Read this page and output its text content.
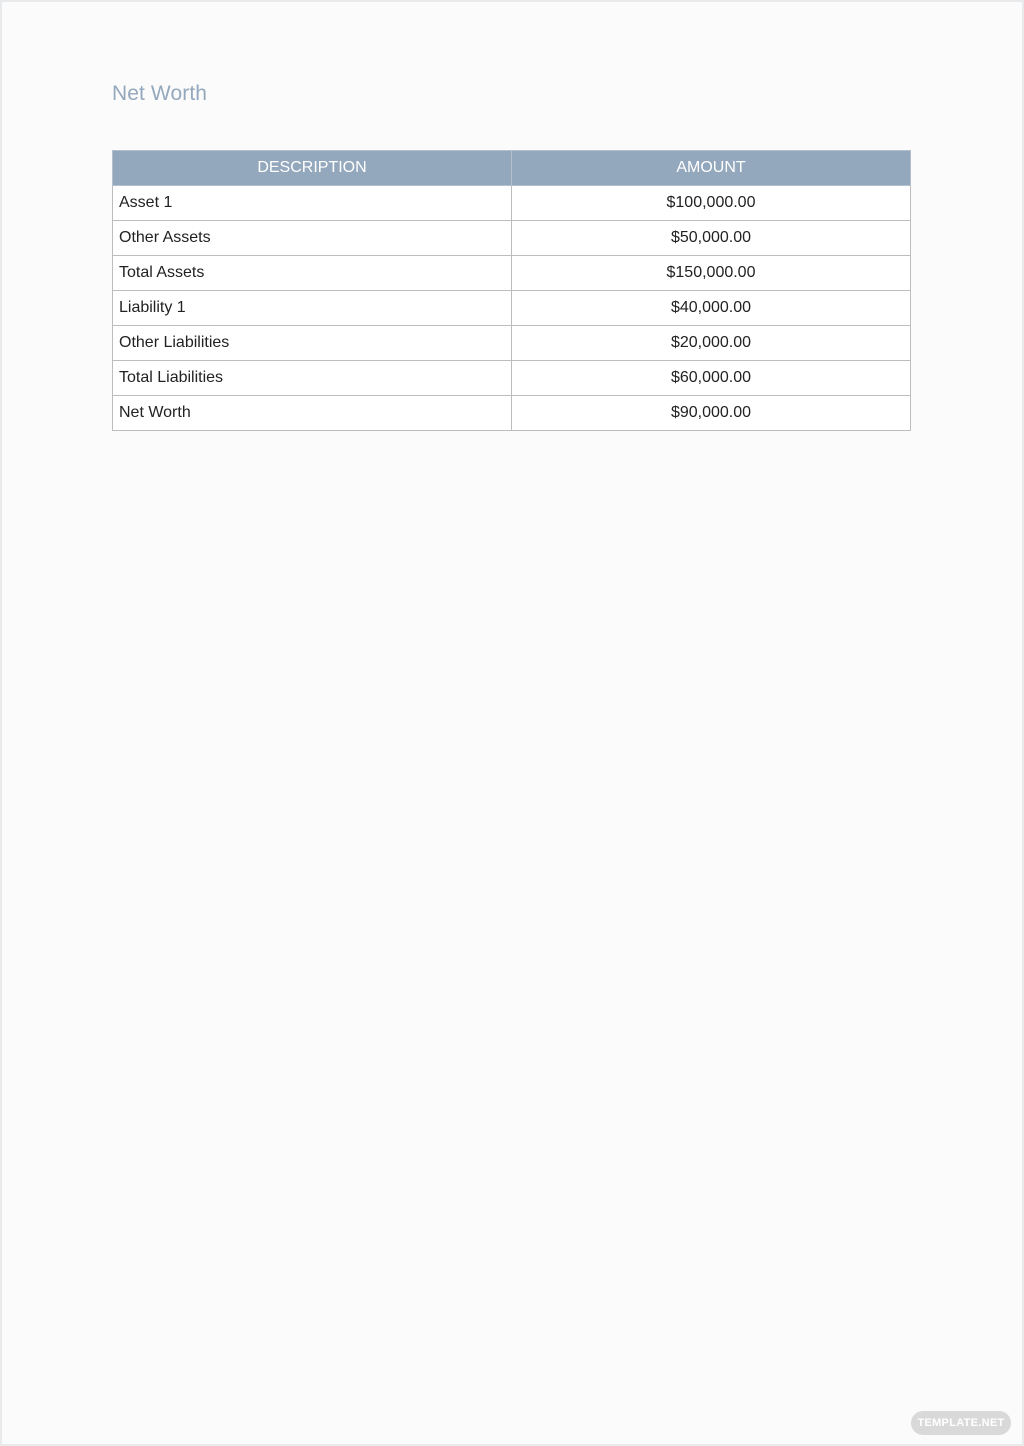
Net Worth
DESCRIPTION	AMOUNT
Asset 1	$100,000.00
Other Assets	$50,000.00
Total Assets	$150,000.00
Liability 1	$40,000.00
Other Liabilities	$20,000.00
Total Liabilities	$60,000.00
Net Worth	$90,000.00
TEMPLATE.NET
